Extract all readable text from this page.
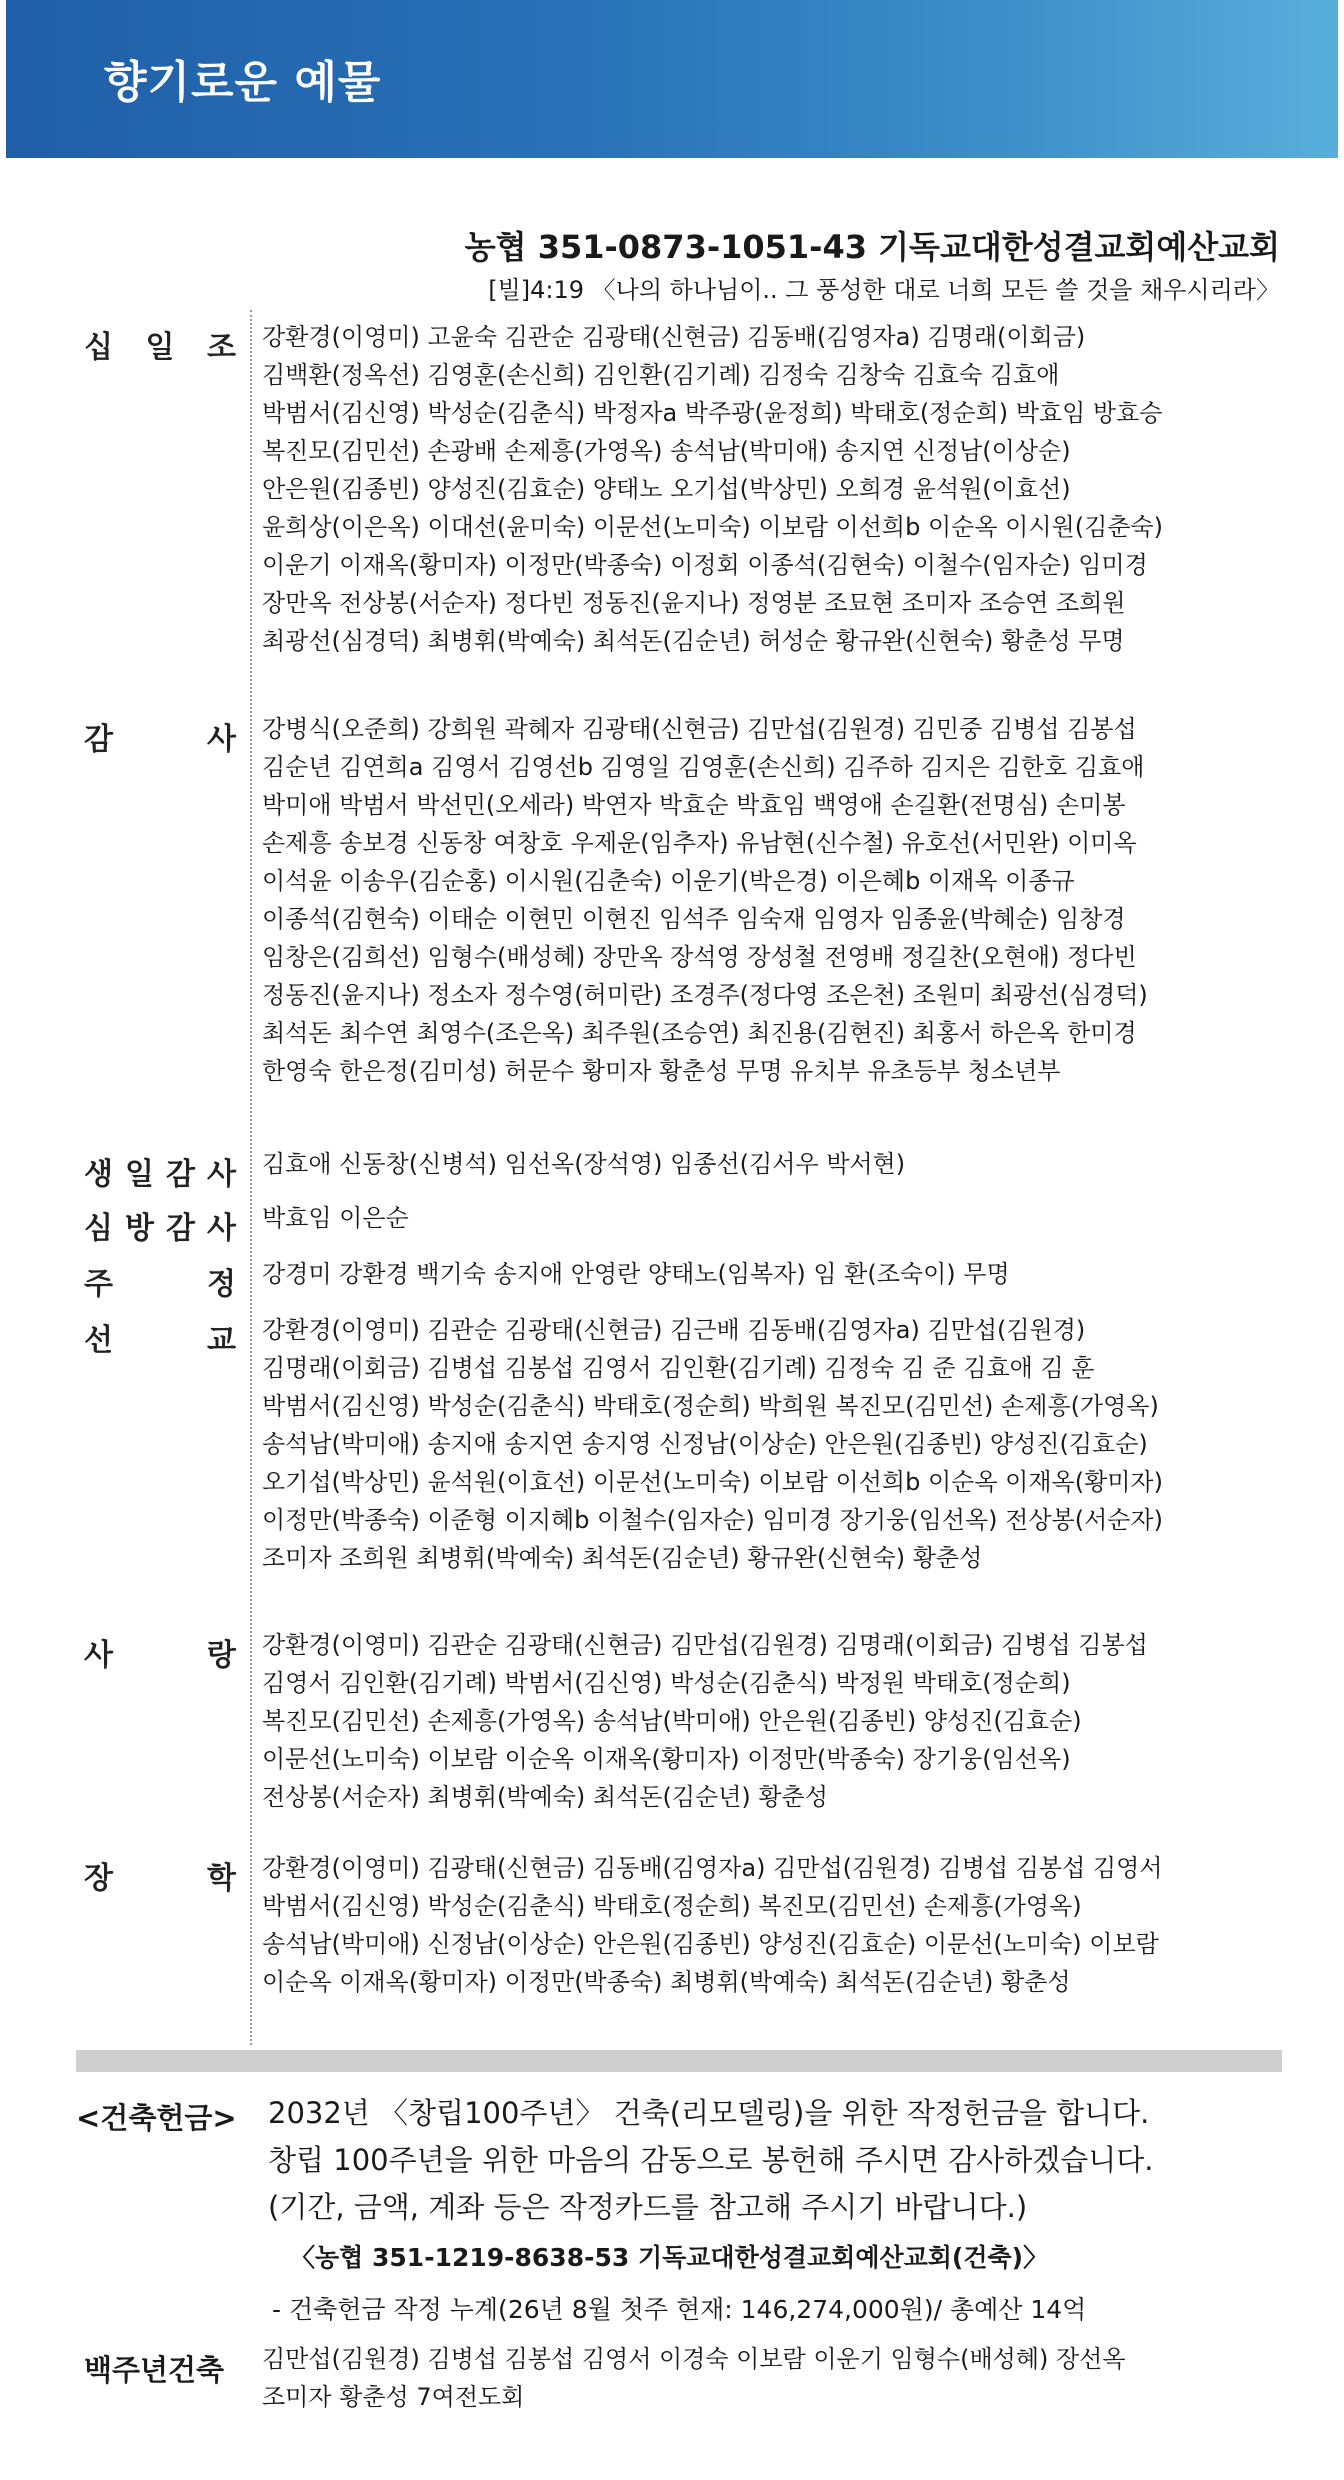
향기로운 예물
농협 351-0873-1051-43 기독교대한성결교회예산교회
[빌]4:19 〈나의 하나님이.. 그 풍성한 대로 너희 모든 쓸 것을 채우시리라〉
십 일 조 강환경(이영미) 고윤숙 김관순 김광태(신현금) 김동배(김영자a) 김명래(이회금)
김백환(정옥선) 김영훈(손신희) 김인환(김기례) 김정숙 김창숙 김효숙 김효애
박범서(김신영) 박성순(김춘식) 박정자a 박주광(윤정희) 박태호(정순희) 박효임 방효승
복진모(김민선) 손광배 손제흥(가영옥) 송석남(박미애) 송지연 신정남(이상순)
안은원(김종빈) 양성진(김효순) 양태노 오기섭(박상민) 오희경 윤석원(이효선)
윤희상(이은옥) 이대선(윤미숙) 이문선(노미숙) 이보람 이선희b 이순옥 이시원(김춘숙)
이운기 이재옥(황미자) 이정만(박종숙) 이정회 이종석(김현숙) 이철수(임자순) 임미경
장만옥 전상봉(서순자) 정다빈 정동진(윤지나) 정영분 조묘현 조미자 조승연 조희원
최광선(심경덕) 최병휘(박예숙) 최석돈(김순년) 허성순 황규완(신현숙) 황춘성 무명
감	사 강병식(오준희) 강희원 곽혜자 김광태(신현금) 김만섭(김원경) 김민중 김병섭 김봉섭
김순년 김연희a 김영서 김영선b 김영일 김영훈(손신희) 김주하 김지은 김한호 김효애
박미애 박범서 박선민(오세라) 박연자 박효순 박효임 백영애 손길환(전명심) 손미봉
손제흥 송보경 신동창 여창호 우제운(임추자) 유남현(신수철) 유호선(서민완) 이미옥
이석윤 이송우(김순홍) 이시원(김춘숙) 이운기(박은경) 이은혜b 이재옥 이종규
이종석(김현숙) 이태순 이현민 이현진 임석주 임숙재 임영자 임종윤(박혜순) 임창경
임창은(김희선) 임형수(배성혜) 장만옥 장석영 장성철 전영배 정길찬(오현애) 정다빈
정동진(윤지나) 정소자 정수영(허미란) 조경주(정다영 조은천) 조원미 최광선(심경덕)
최석돈 최수연 최영수(조은옥) 최주원(조승연) 최진용(김현진) 최홍서 하은옥 한미경
한영숙 한은정(김미성) 허문수 황미자 황춘성 무명 유치부 유초등부 청소년부
생 일 감 사 김효애 신동창(신병석) 임선옥(장석영) 임종선(김서우 박서현)
심 방 감 사 박효임 이은순
주	정 강경미 강환경 백기숙 송지애 안영란 양태노(임복자) 임 환(조숙이) 무명
선	교 강환경(이영미) 김관순 김광태(신현금) 김근배 김동배(김영자a) 김만섭(김원경)
김명래(이회금) 김병섭 김봉섭 김영서 김인환(김기례) 김정숙 김 준 김효애 김 훈
박범서(김신영) 박성순(김춘식) 박태호(정순희) 박희원 복진모(김민선) 손제흥(가영옥)
송석남(박미애) 송지애 송지연 송지영 신정남(이상순) 안은원(김종빈) 양성진(김효순)
오기섭(박상민) 윤석원(이효선) 이문선(노미숙) 이보람 이선희b 이순옥 이재옥(황미자)
이정만(박종숙) 이준형 이지혜b 이철수(임자순) 임미경 장기웅(임선옥) 전상봉(서순자)
조미자 조희원 최병휘(박예숙) 최석돈(김순년) 황규완(신현숙) 황춘성
사	랑 강환경(이영미) 김관순 김광태(신현금) 김만섭(김원경) 김명래(이회금) 김병섭 김봉섭
김영서 김인환(김기례) 박범서(김신영) 박성순(김춘식) 박정원 박태호(정순희)
복진모(김민선) 손제흥(가영옥) 송석남(박미애) 안은원(김종빈) 양성진(김효순)
이문선(노미숙) 이보람 이순옥 이재옥(황미자) 이정만(박종숙) 장기웅(임선옥)
전상봉(서순자) 최병휘(박예숙) 최석돈(김순년) 황춘성
장	학 강환경(이영미) 김광태(신현금) 김동배(김영자a) 김만섭(김원경) 김병섭 김봉섭 김영서
박범서(김신영) 박성순(김춘식) 박태호(정순희) 복진모(김민선) 손제흥(가영옥)
송석남(박미애) 신정남(이상순) 안은원(김종빈) 양성진(김효순) 이문선(노미숙) 이보람
이순옥 이재옥(황미자) 이정만(박종숙) 최병휘(박예숙) 최석돈(김순년) 황춘성
<건축헌금> 2032년 〈창립100주년〉 건축(리모델링)을 위한 작정헌금을 합니다.
창립 100주년을 위한 마음의 감동으로 봉헌해 주시면 감사하겠습니다.
(기간, 금액, 계좌 등은 작정카드를 참고해 주시기 바랍니다.)
〈농협 351-1219-8638-53 기독교대한성결교회예산교회(건축)〉
- 건축헌금 작정 누계(26년 8월 첫주 현재: 146,274,000원)/ 총예산 14억
백주년건축 김만섭(김원경) 김병섭 김봉섭 김영서 이경숙 이보람 이운기 임형수(배성혜) 장선옥
조미자 황춘성 7여전도회
